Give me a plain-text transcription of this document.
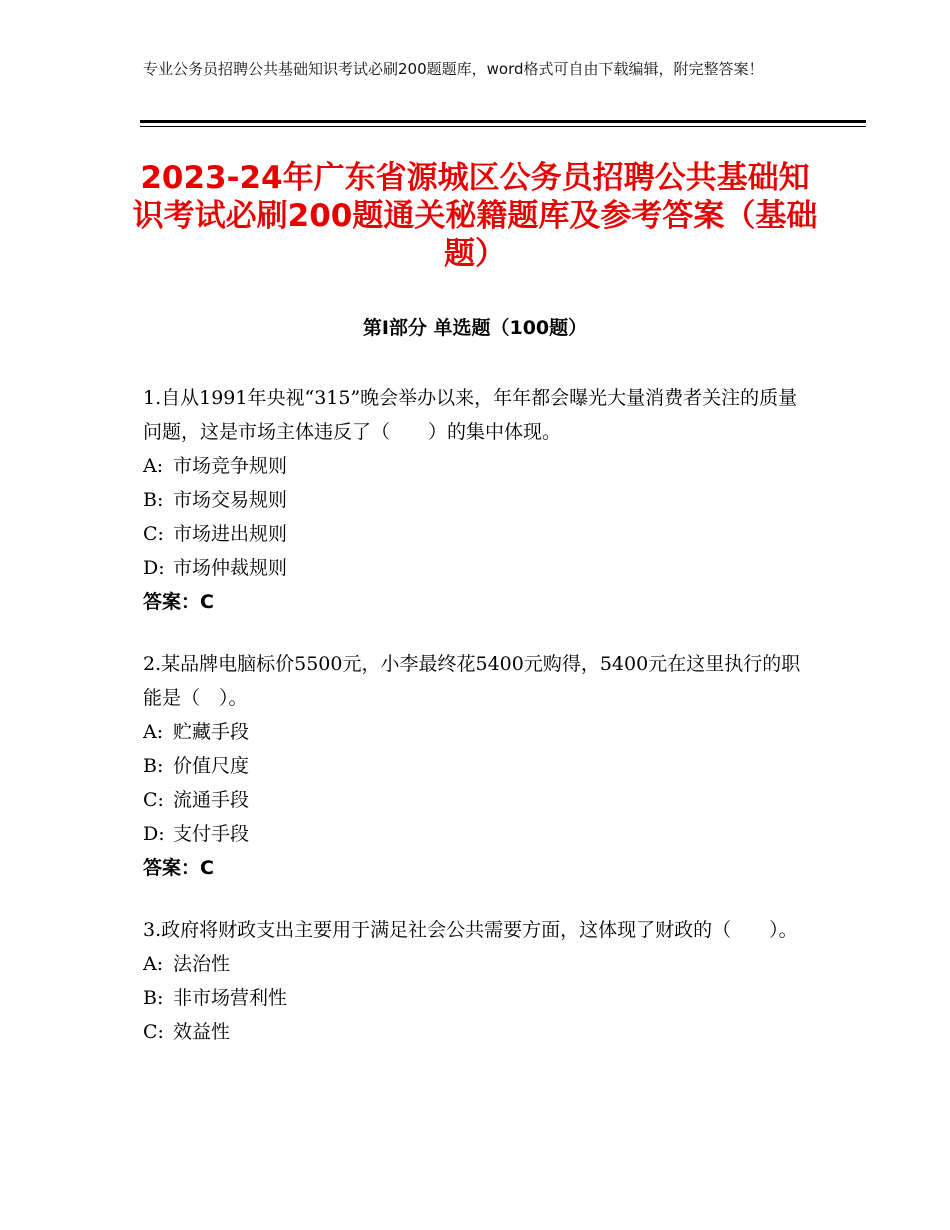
专业公务员招聘公共基础知识考试必刷200题题库，word格式可自由下载编辑，附完整答案！
2023-24年广东省源城区公务员招聘公共基础知识考试必刷200题通关秘籍题库及参考答案（基础题）
第Ⅰ部分 单选题（100题）
1.自从1991年央视“315”晚会举办以来，年年都会曝光大量消费者关注的质量问题，这是市场主体违反了（　　）的集中体现。
A: 市场竞争规则
B: 市场交易规则
C: 市场进出规则
D: 市场仲裁规则
答案：C
2.某品牌电脑标价5500元，小李最终花5400元购得，5400元在这里执行的职能是（　）。
A: 贮藏手段
B: 价值尺度
C: 流通手段
D: 支付手段
答案：C
3.政府将财政支出主要用于满足社会公共需要方面，这体现了财政的（　　）。
A: 法治性
B: 非市场营利性
C: 效益性
